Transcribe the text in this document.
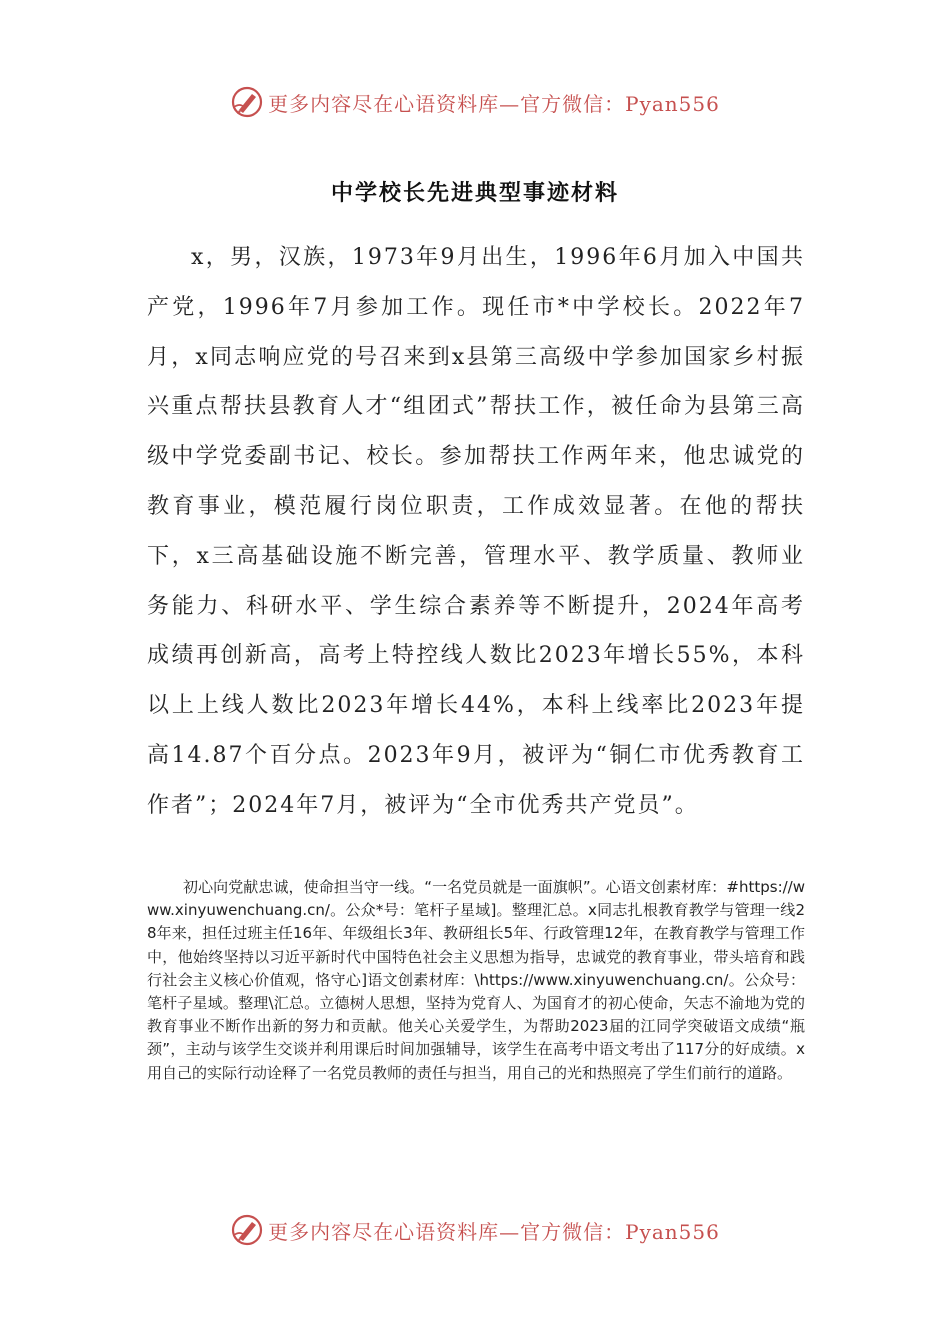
更多内容尽在心语资料库—官方微信：Pyan556
中学校长先进典型事迹材料

x，男，汉族，1973年9月出生，1996年6月加入中国共产党，1996年7月参加工作。现任市*中学校长。2022年7月，x同志响应党的号召来到x县第三高级中学参加国家乡村振兴重点帮扶县教育人才“组团式”帮扶工作，被任命为县第三高级中学党委副书记、校长。参加帮扶工作两年来，他忠诚党的教育事业，模范履行岗位职责，工作成效显著。在他的帮扶下，x三高基础设施不断完善，管理水平、教学质量、教师业务能力、科研水平、学生综合素养等不断提升，2024年高考成绩再创新高，高考上特控线人数比2023年增长55%，本科以上上线人数比2023年增长44%，本科上线率比2023年提高14.87个百分点。2023年9月，被评为“铜仁市优秀教育工作者”；2024年7月，被评为“全市优秀共产党员”。

初心向党献忠诚，使命担当守一线。“一名党员就是一面旗帜”。心语文创素材库：#https://www.xinyuwenchuang.cn/。公众*号：笔杆子星域]。整理汇总。x同志扎根教育教学与管理一线28年来，担任过班主任16年、年级组长3年、教研组长5年、行政管理12年，在教育教学与管理工作中，他始终坚持以习近平新时代中国特色社会主义思想为指导，忠诚党的教育事业，带头培育和践行社会主义核心价值观，恪守心]语文创素材库：\https://www.xinyuwenchuang.cn/。公众号：笔杆子星域。整理\汇总。立德树人思想，坚持为党育人、为国育才的初心使命，矢志不渝地为党的教育事业不断作出新的努力和贡献。他关心关爱学生，为帮助2023届的江同学突破语文成绩“瓶颈”，主动与该学生交谈并利用课后时间加强辅导，该学生在高考中语文考出了117分的好成绩。x用自己的实际行动诠释了一名党员教师的责任与担当，用自己的光和热照亮了学生们前行的道路。

更多内容尽在心语资料库—官方微信：Pyan556
